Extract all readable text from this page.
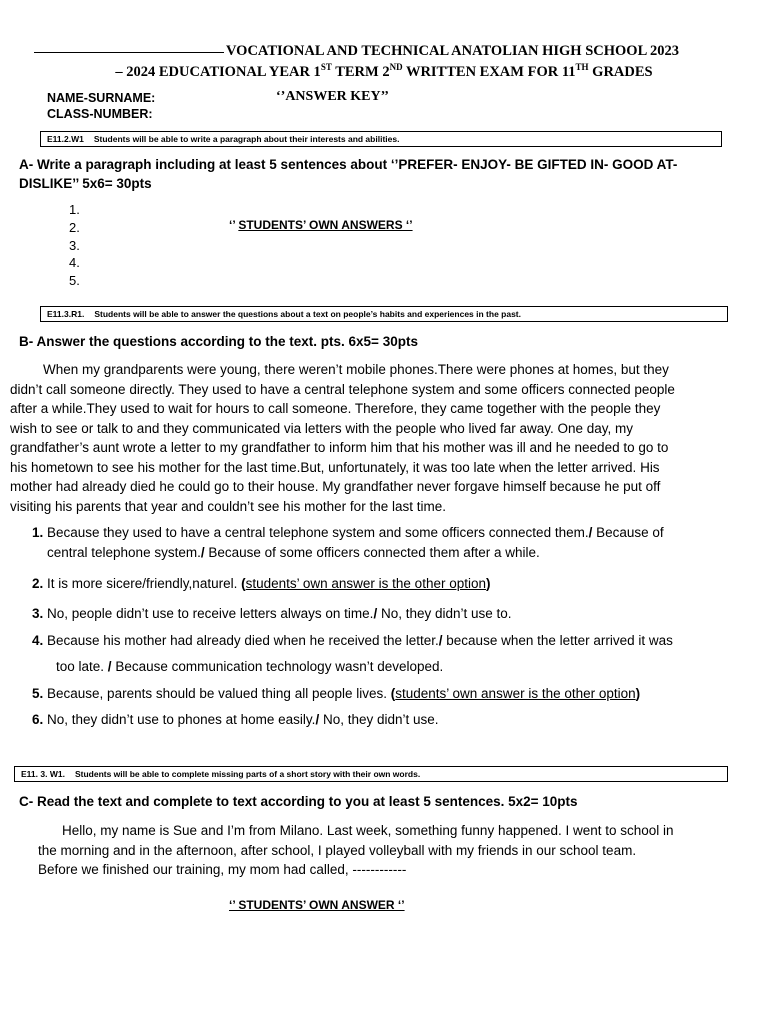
VOCATIONAL AND TECHNICAL ANATOLIAN HIGH SCHOOL 2023
– 2024 EDUCATIONAL YEAR 1ST TERM 2ND WRITTEN EXAM FOR 11TH GRADES
NAME-SURNAME:	‘’ANSWER KEY’’
CLASS-NUMBER:
E11.2.W1 Students will be able to write a paragraph about their interests and abilities.
A- Write a paragraph including at least 5 sentences about ‘’PREFER- ENJOY- BE GIFTED IN- GOOD AT-
DISLIKE’’ 5x6= 30pts
1.
2.
3.
4.
5.
‘’ STUDENTS’ OWN ANSWERS ‘’
E11.3.R1. Students will be able to answer the questions about a text on people’s habits and experiences in the past.
B- Answer the questions according to the text. pts. 6x5= 30pts
When my grandparents were young, there weren’t mobile phones.There were phones at homes, but they
didn’t call someone directly. They used to have a central telephone system and some officers connected people
after a while.They used to wait for hours to call someone. Therefore, they came together with the people they
wish to see or talk to and they communicated via letters with the people who lived far away. One day, my
grandfather’s aunt wrote a letter to my grandfather to inform him that his mother was ill and he needed to go to
his hometown to see his mother for the last time.But, unfortunately, it was too late when the letter arrived. His
mother had already died he could go to their house. My grandfather never forgave himself because he put off
visiting his parents that year and couldn’t see his mother for the last time.
1. Because they used to have a central telephone system and some officers connected them./ Because of
central telephone system./ Because of some officers connected them after a while.
2. It is more sicere/friendly,naturel. (students’ own answer is the other option)
3. No, people didn’t use to receive letters always on time./ No, they didn’t use to.
4. Because his mother had already died when he received the letter./ because when the letter arrived it was
too late. / Because communication technology wasn’t developed.
5. Because, parents should be valued thing all people lives. (students’ own answer is the other option)
6. No, they didn’t use to phones at home easily./ No, they didn’t use.
E11. 3. W1. Students will be able to complete missing parts of a short story with their own words.
C- Read the text and complete to text according to you at least 5 sentences. 5x2= 10pts
Hello, my name is Sue and I’m from Milano. Last week, something funny happened. I went to school in
the morning and in the afternoon, after school, I played volleyball with my friends in our school team.
Before we finished our training, my mom had called, ------------
‘’ STUDENTS’ OWN ANSWER ‘’
